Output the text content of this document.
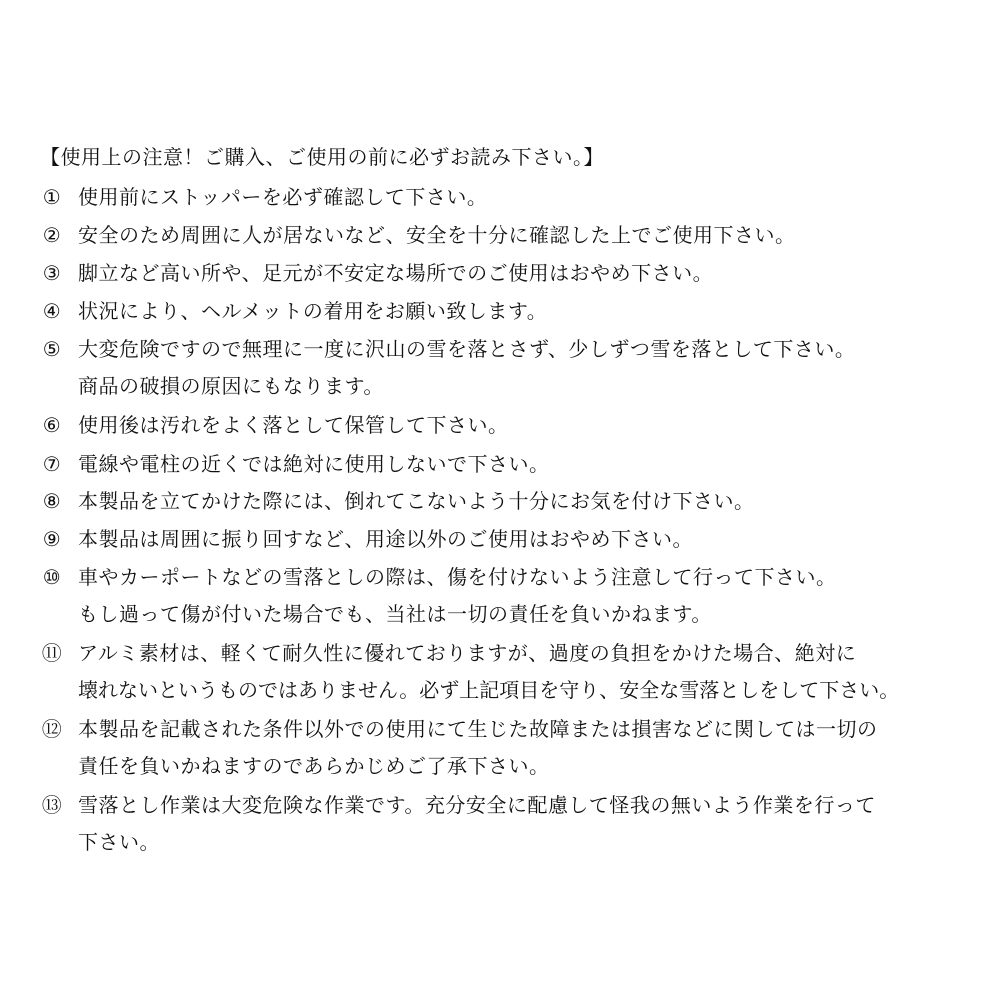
【使用上の注意！ご購入、ご使用の前に必ずお読み下さい。】
① 使用前にストッパーを必ず確認して下さい。
② 安全のため周囲に人が居ないなど、安全を十分に確認した上でご使用下さい。
③ 脚立など高い所や、足元が不安定な場所でのご使用はおやめ下さい。
④ 状況により、ヘルメットの着用をお願い致します。
⑤ 大変危険ですので無理に一度に沢山の雪を落とさず、少しずつ雪を落として下さい。
商品の破損の原因にもなります。
⑥ 使用後は汚れをよく落として保管して下さい。
⑦ 電線や電柱の近くでは絶対に使用しないで下さい。
⑧ 本製品を立てかけた際には、倒れてこないよう十分にお気を付け下さい。
⑨ 本製品は周囲に振り回すなど、用途以外のご使用はおやめ下さい。
⑩ 車やカーポートなどの雪落としの際は、傷を付けないよう注意して行って下さい。
もし過って傷が付いた場合でも、当社は一切の責任を負いかねます。
⑪ アルミ素材は、軽くて耐久性に優れておりますが、過度の負担をかけた場合、絶対に
壊れないというものではありません。必ず上記項目を守り、安全な雪落としをして下さい。
⑫ 本製品を記載された条件以外での使用にて生じた故障または損害などに関しては一切の
責任を負いかねますのであらかじめご了承下さい。
⑬ 雪落とし作業は大変危険な作業です。充分安全に配慮して怪我の無いよう作業を行って
下さい。
